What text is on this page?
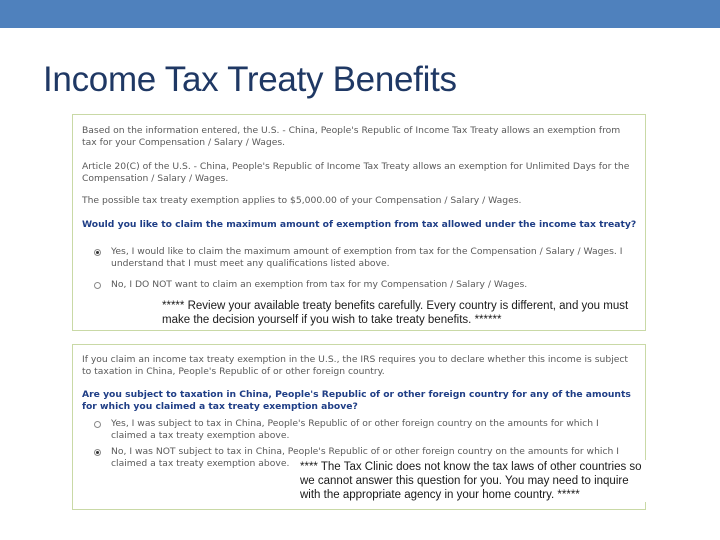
Income Tax Treaty Benefits
Based on the information entered, the U.S. - China, People's Republic of Income Tax Treaty allows an exemption from tax for your Compensation / Salary / Wages.
Article 20(C) of the U.S. - China, People's Republic of Income Tax Treaty allows an exemption for Unlimited Days for the Compensation / Salary / Wages.
The possible tax treaty exemption applies to $5,000.00 of your Compensation / Salary / Wages.
Would you like to claim the maximum amount of exemption from tax allowed under the income tax treaty?
Yes, I would like to claim the maximum amount of exemption from tax for the Compensation / Salary / Wages. I understand that I must meet any qualifications listed above.
No, I DO NOT want to claim an exemption from tax for my Compensation / Salary / Wages.
***** Review your available treaty benefits carefully. Every country is different, and you must make the decision yourself if you wish to take treaty benefits. ******
If you claim an income tax treaty exemption in the U.S., the IRS requires you to declare whether this income is subject to taxation in China, People's Republic of or other foreign country.
Are you subject to taxation in China, People's Republic of or other foreign country for any of the amounts for which you claimed a tax treaty exemption above?
Yes, I was subject to tax in China, People's Republic of or other foreign country on the amounts for which I claimed a tax treaty exemption above.
No, I was NOT subject to tax in China, People's Republic of or other foreign country on the amounts for which I claimed a tax treaty exemption above. **** The Tax Clinic does not know the tax laws of other countries so we cannot answer this question for you. You may need to inquire with the appropriate agency in your home country. *****
